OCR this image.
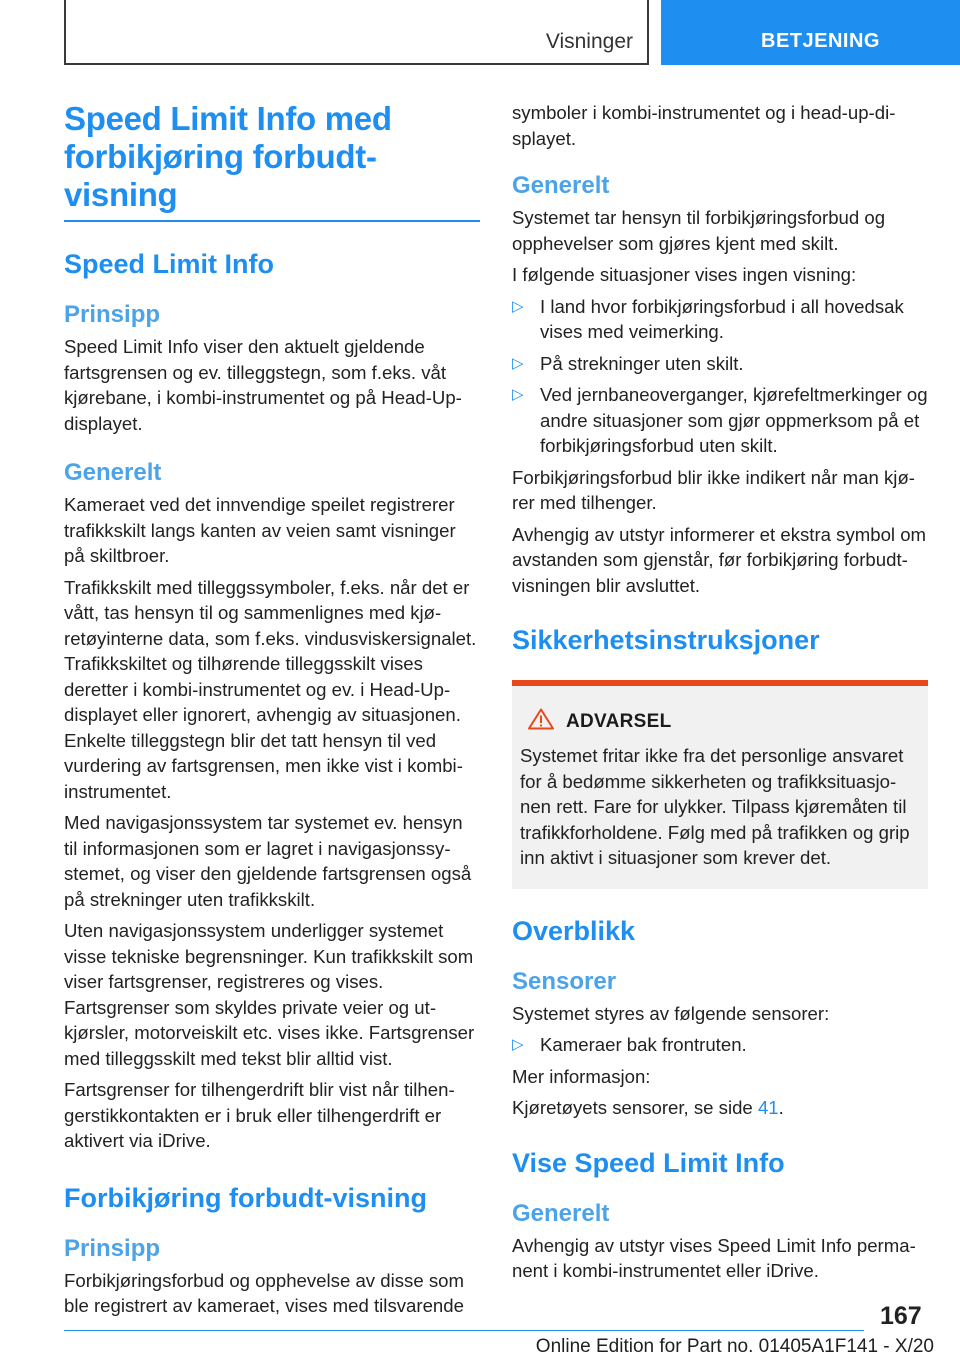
Visninger	BETJENING
Speed Limit Info med
forbikjøring forbudt-visning
Speed Limit Info
Prinsipp

Speed Limit Info viser den aktuelt gjeldende fartsgrensen og ev. tilleggstegn, som f.eks. våt kjørebane, i kombi-instrumentet og på Head-Up-displayet.

Generelt

Kameraet ved det innvendige speilet registrerer trafikkskilt langs kanten av veien samt visninger på skiltbroer.

Trafikkskilt med tilleggssymboler, f.eks. når det er vått, tas hensyn til og sammenlignes med kjøretøyinterne data, som f.eks. vindusviskersignalet. Trafikkskiltet og tilhørende tilleggsskilt vises deretter i kombi-instrumentet og ev. i Head-Up-displayet eller ignorert, avhengig av situasjonen. Enkelte tilleggstegn blir det tatt hensyn til ved vurdering av fartsgrensen, men ikke vist i kombiinstrumentet.

Med navigasjonssystem tar systemet ev. hensyn til informasjonen som er lagret i navigasjonssystemet, og viser den gjeldende fartsgrensen også på strekninger uten trafikkskilt.

Uten navigasjonssystem underligger systemet visse tekniske begrensninger. Kun trafikkskilt som viser fartsgrenser, registreres og vises. Fartsgrenser som skyldes private veier og utkjørsler, motorveiskilt etc. vises ikke. Fartsgrenser med tilleggsskilt med tekst blir alltid vist.

Fartsgrenser for tilhengerdrift blir vist når tilhengerstikkontakten er i bruk eller tilhengerdrift er aktivert via iDrive.

Forbikjøring forbudt-visning
Prinsipp

Forbikjøringsforbud og opphevelse av disse som ble registrert av kameraet, vises med tilsvarende

symboler i kombi-instrumentet og i head-up-displayet.

Generelt

Systemet tar hensyn til forbikjøringsforbud og opphevelser som gjøres kjent med skilt.

I følgende situasjoner vises ingen visning:

▷ I land hvor forbikjøringsforbud i all hovedsak vises med veimerking.
▷ På strekninger uten skilt.
▷ Ved jernbaneoverganger, kjørefeltmerkinger og andre situasjoner som gjør oppmerksom på et forbikjøringsforbud uten skilt.

Forbikjøringsforbud blir ikke indikert når man kjører med tilhenger.

Avhengig av utstyr informerer et ekstra symbol om avstanden som gjenstår, før forbikjøring forbudt-visningen blir avsluttet.

Sikkerhetsinstruksjoner
ADVARSEL

Systemet fritar ikke fra det personlige ansvaret for å bedømme sikkerheten og trafikksituasjonen rett. Fare for ulykker. Tilpass kjøremåten til trafikkforholdene. Følg med på trafikken og grip inn aktivt i situasjoner som krever det.

Overblikk
Sensorer

Systemet styres av følgende sensorer:

▷ Kameraer bak frontruten.

Mer informasjon:

Kjøretøyets sensorer, se side 41.

Vise Speed Limit Info
Generelt

Avhengig av utstyr vises Speed Limit Info permanent i kombi-instrumentet eller iDrive.

167
Online Edition for Part no. 01405A1F141 - X/20
